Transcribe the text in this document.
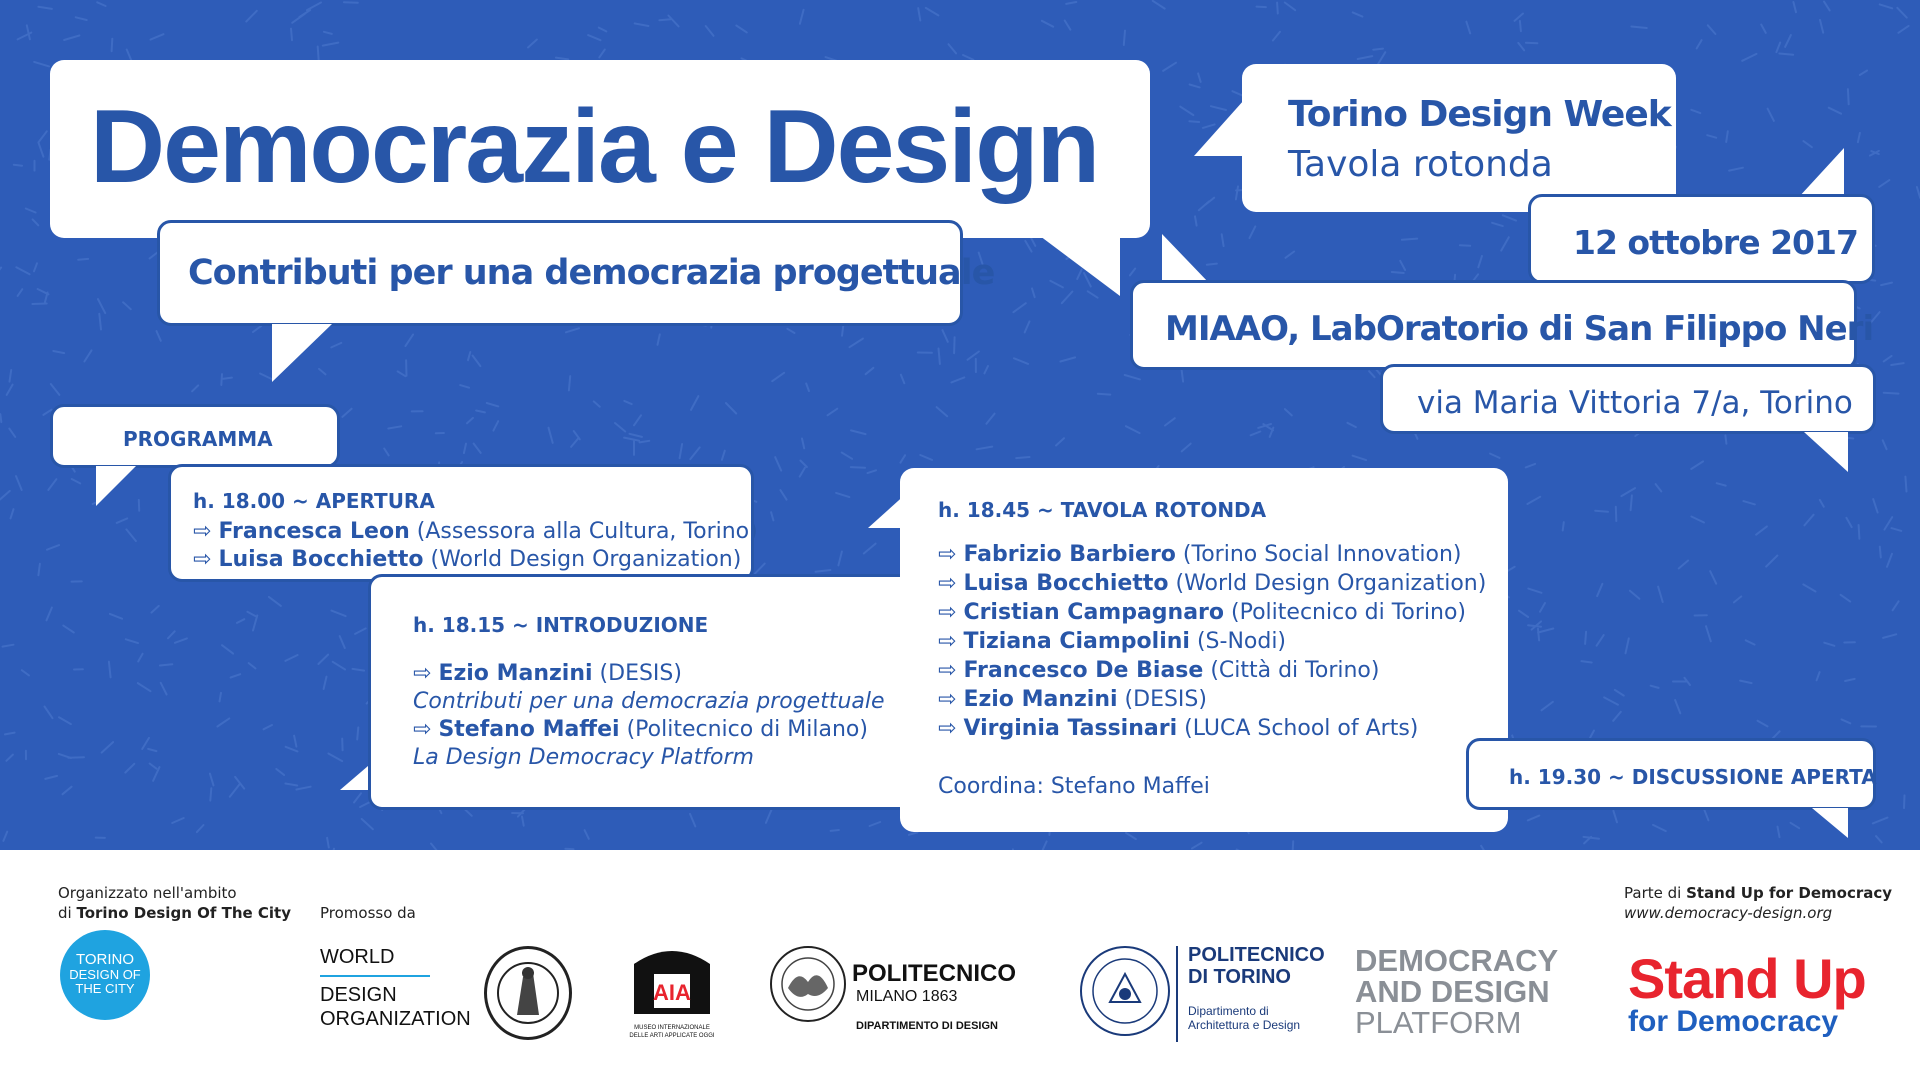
Democrazia e Design
Contributi per una democrazia progettuale
Torino Design Week
Tavola rotonda
12 ottobre 2017
MIAAO, LabOratorio di San Filippo Neri
via Maria Vittoria 7/a, Torino
PROGRAMMA
h. 18.00 ~ APERTURA
⇨ Francesca Leon (Assessora alla Cultura, Torino)
⇨ Luisa Bocchietto (World Design Organization)
h. 18.15 ~ INTRODUZIONE
⇨ Ezio Manzini (DESIS)
Contributi per una democrazia progettuale
⇨ Stefano Maffei (Politecnico di Milano)
La Design Democracy Platform
h. 18.45 ~ TAVOLA ROTONDA
⇨ Fabrizio Barbiero (Torino Social Innovation)
⇨ Luisa Bocchietto (World Design Organization)
⇨ Cristian Campagnaro (Politecnico di Torino)
⇨ Tiziana Ciampolini (S-Nodi)
⇨ Francesco De Biase (Città di Torino)
⇨ Ezio Manzini (DESIS)
⇨ Virginia Tassinari (LUCA School of Arts)
Coordina: Stefano Maffei	h. 19.30 ~ DISCUSSIONE APERTA
Organizzato nell'ambito
di Torino Design Of The City
TORINO
DESIGN OF
THE CITY
Promosso da
WORLD
DESIGN
ORGANIZATION
AIA
MUSEO INTERNAZIONALE
DELLE ARTI APPLICATE OGGI
POLITECNICO
MILANO 1863
DIPARTIMENTO DI DESIGN
POLITECNICO
DI TORINO
Dipartimento di
Architettura e Design
DEMOCRACY
AND DESIGN
PLATFORM
Parte di Stand Up for Democracy
www.democracy-design.org
Stand Up
for Democracy
